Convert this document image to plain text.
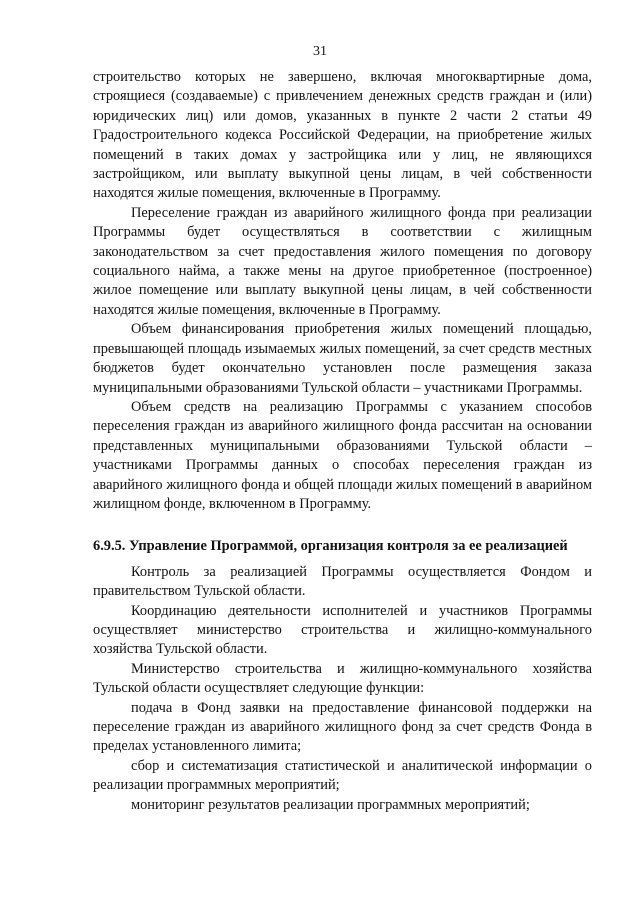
31

строительство которых не завершено, включая многоквартирные дома, строящиеся (создаваемые) с привлечением денежных средств граждан и (или) юридических лиц) или домов, указанных в пункте 2 части 2 статьи 49 Градостроительного кодекса Российской Федерации, на приобретение жилых помещений в таких домах у застройщика или у лиц, не являющихся застройщиком, или выплату выкупной цены лицам, в чей собственности находятся жилые помещения, включенные в Программу.

Переселение граждан из аварийного жилищного фонда при реализации Программы будет осуществляться в соответствии с жилищным законодательством за счет предоставления жилого помещения по договору социального найма, а также мены на другое приобретенное (построенное) жилое помещение или выплату выкупной цены лицам, в чей собственности находятся жилые помещения, включенные в Программу.

Объем финансирования приобретения жилых помещений площадью, превышающей площадь изымаемых жилых помещений, за счет средств местных бюджетов будет окончательно установлен после размещения заказа муниципальными образованиями Тульской области – участниками Программы.

Объем средств на реализацию Программы с указанием способов переселения граждан из аварийного жилищного фонда рассчитан на основании представленных муниципальными образованиями Тульской области – участниками Программы данных о способах переселения граждан из аварийного жилищного фонда и общей площади жилых помещений в аварийном жилищном фонде, включенном в Программу.

6.9.5. Управление Программой, организация контроля за ее реализацией

Контроль за реализацией Программы осуществляется Фондом и правительством Тульской области.

Координацию деятельности исполнителей и участников Программы осуществляет министерство строительства и жилищно-коммунального хозяйства Тульской области.

Министерство строительства и жилищно-коммунального хозяйства Тульской области осуществляет следующие функции:

подача в Фонд заявки на предоставление финансовой поддержки на переселение граждан из аварийного жилищного фонд за счет средств Фонда в пределах установленного лимита;

сбор и систематизация статистической и аналитической информации о реализации программных мероприятий;

мониторинг результатов реализации программных мероприятий;
